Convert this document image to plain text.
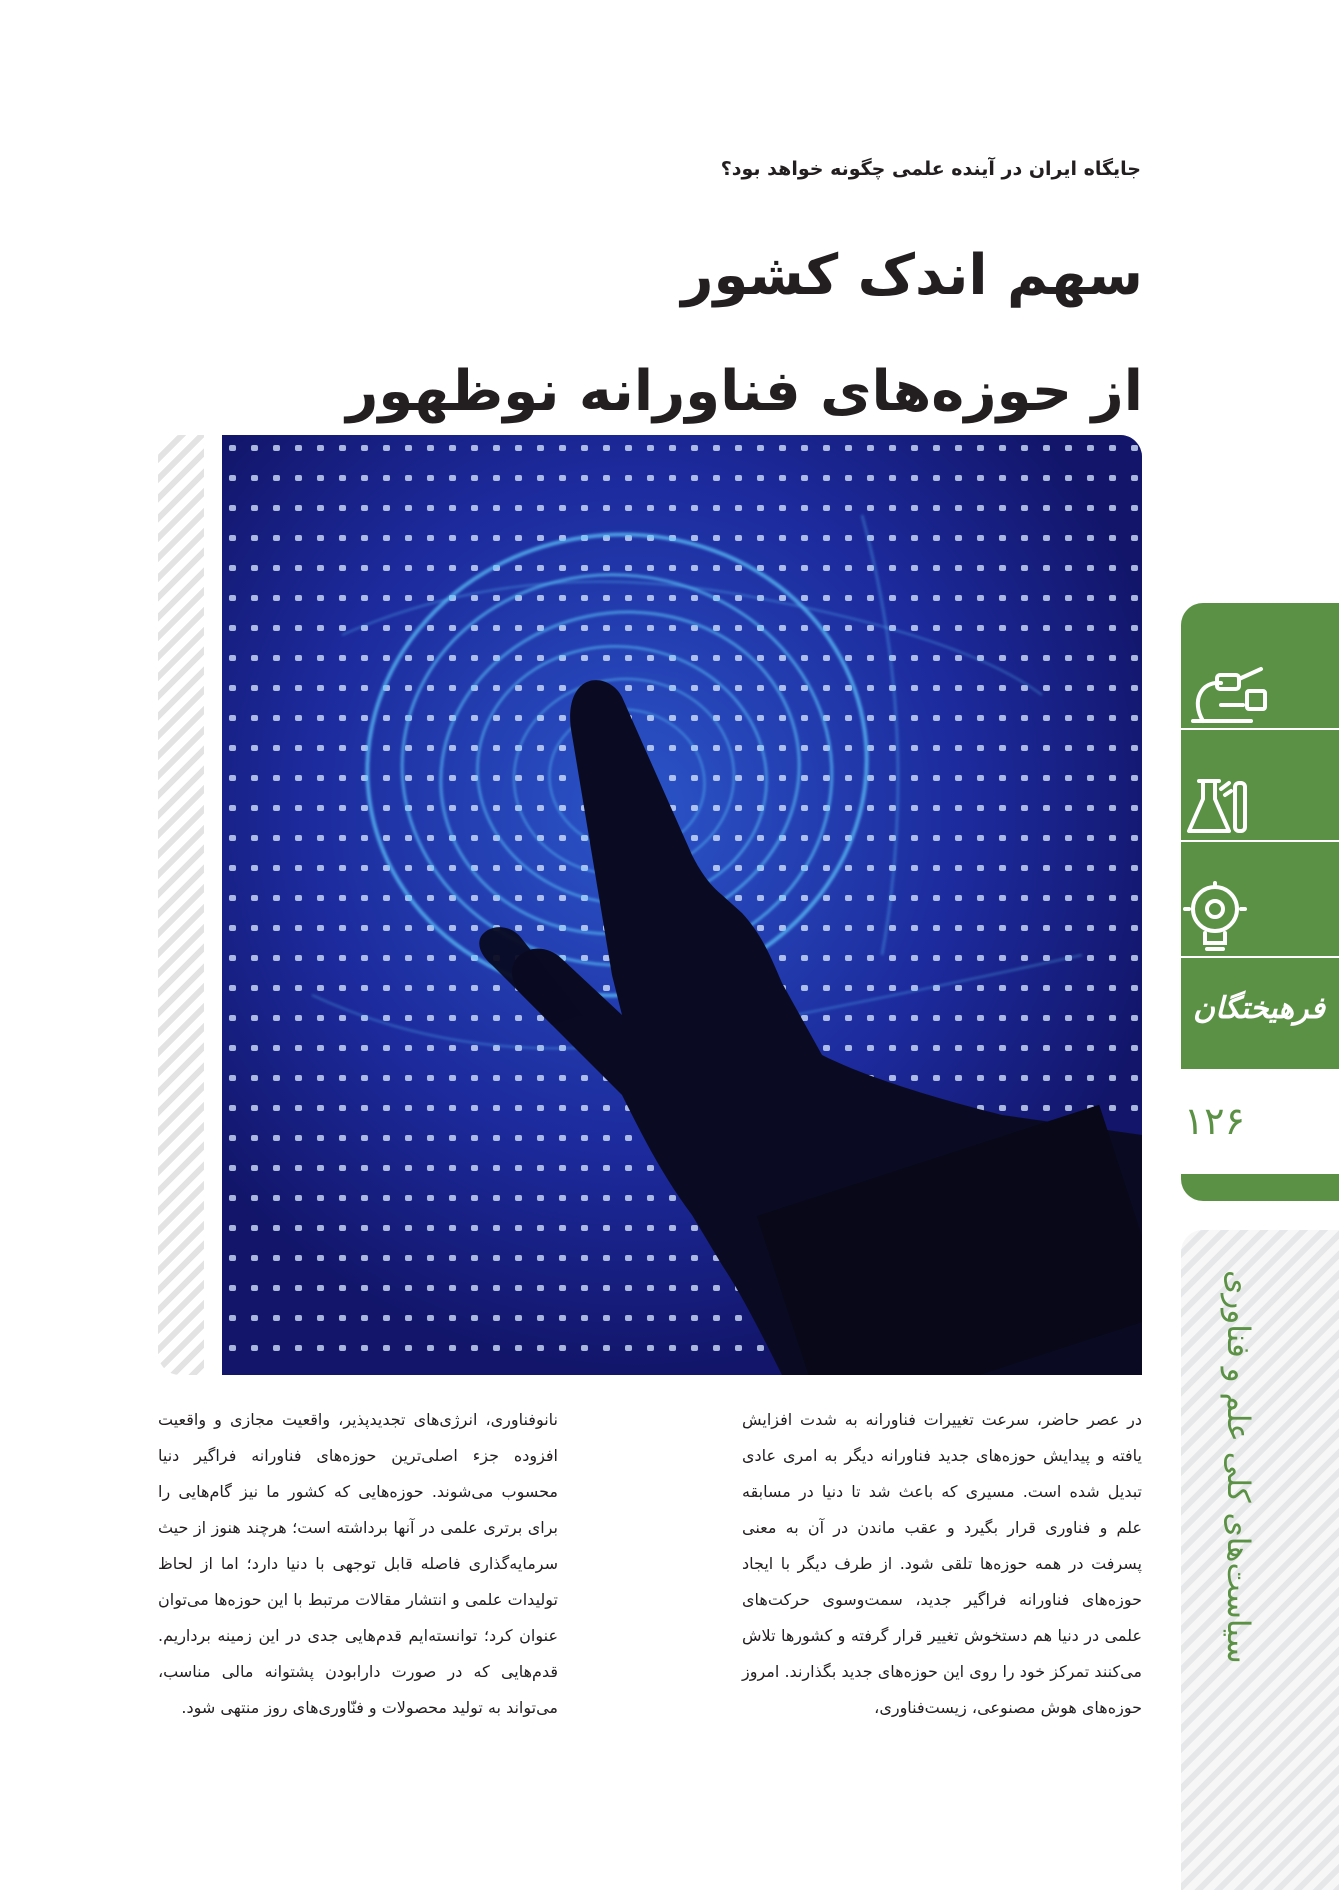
جایگاه ایران در آینده علمی چگونه خواهد بود؟
سهم اندک کشور
از حوزه‌های فناورانه نوظهور
در عصر حاضر، سرعت تغییرات فناورانه به شدت افزایش یافته و پیدایش حوزه‌های جدید فناورانه دیگر به امری عادی تبدیل شده است. مسیری که باعث شد تا دنیا در مسابقه علم و فناوری قرار بگیرد و عقب ماندن در آن به معنی پسرفت در همه حوزه‌ها تلقی شود. از طرف دیگر با ایجاد حوزه‌های فناورانه فراگیر جدید، سمت‌وسوی حرکت‌های علمی در دنیا هم دستخوش تغییر قرار گرفته و کشورها تلاش می‌کنند تمرکز خود را روی این حوزه‌های جدید بگذارند. امروز حوزه‌های هوش مصنوعی، زیست‌فناوری،
نانوفناوری، انرژی‌های تجدیدپذیر، واقعیت مجازی و واقعیت افزوده جزء اصلی‌ترین حوزه‌های فناورانه فراگیر دنیا محسوب می‌شوند. حوزه‌هایی که کشور ما نیز گام‌هایی را برای برتری علمی در آنها برداشته است؛ هرچند هنوز از حیث سرمایه‌گذاری فاصله قابل توجهی با دنیا دارد؛ اما از لحاظ تولیدات علمی و انتشار مقالات مرتبط با این حوزه‌ها می‌توان عنوان کرد؛ توانسته‌ایم قدم‌هایی جدی در این زمینه برداریم. قدم‌هایی که در صورت دارابودن پشتوانه مالی مناسب، می‌تواند به تولید محصولات و فنّاوری‌های روز منتهی شود.
فرهیختگان
۱۲۶
سیاست‌های کلی علم و فناوری
